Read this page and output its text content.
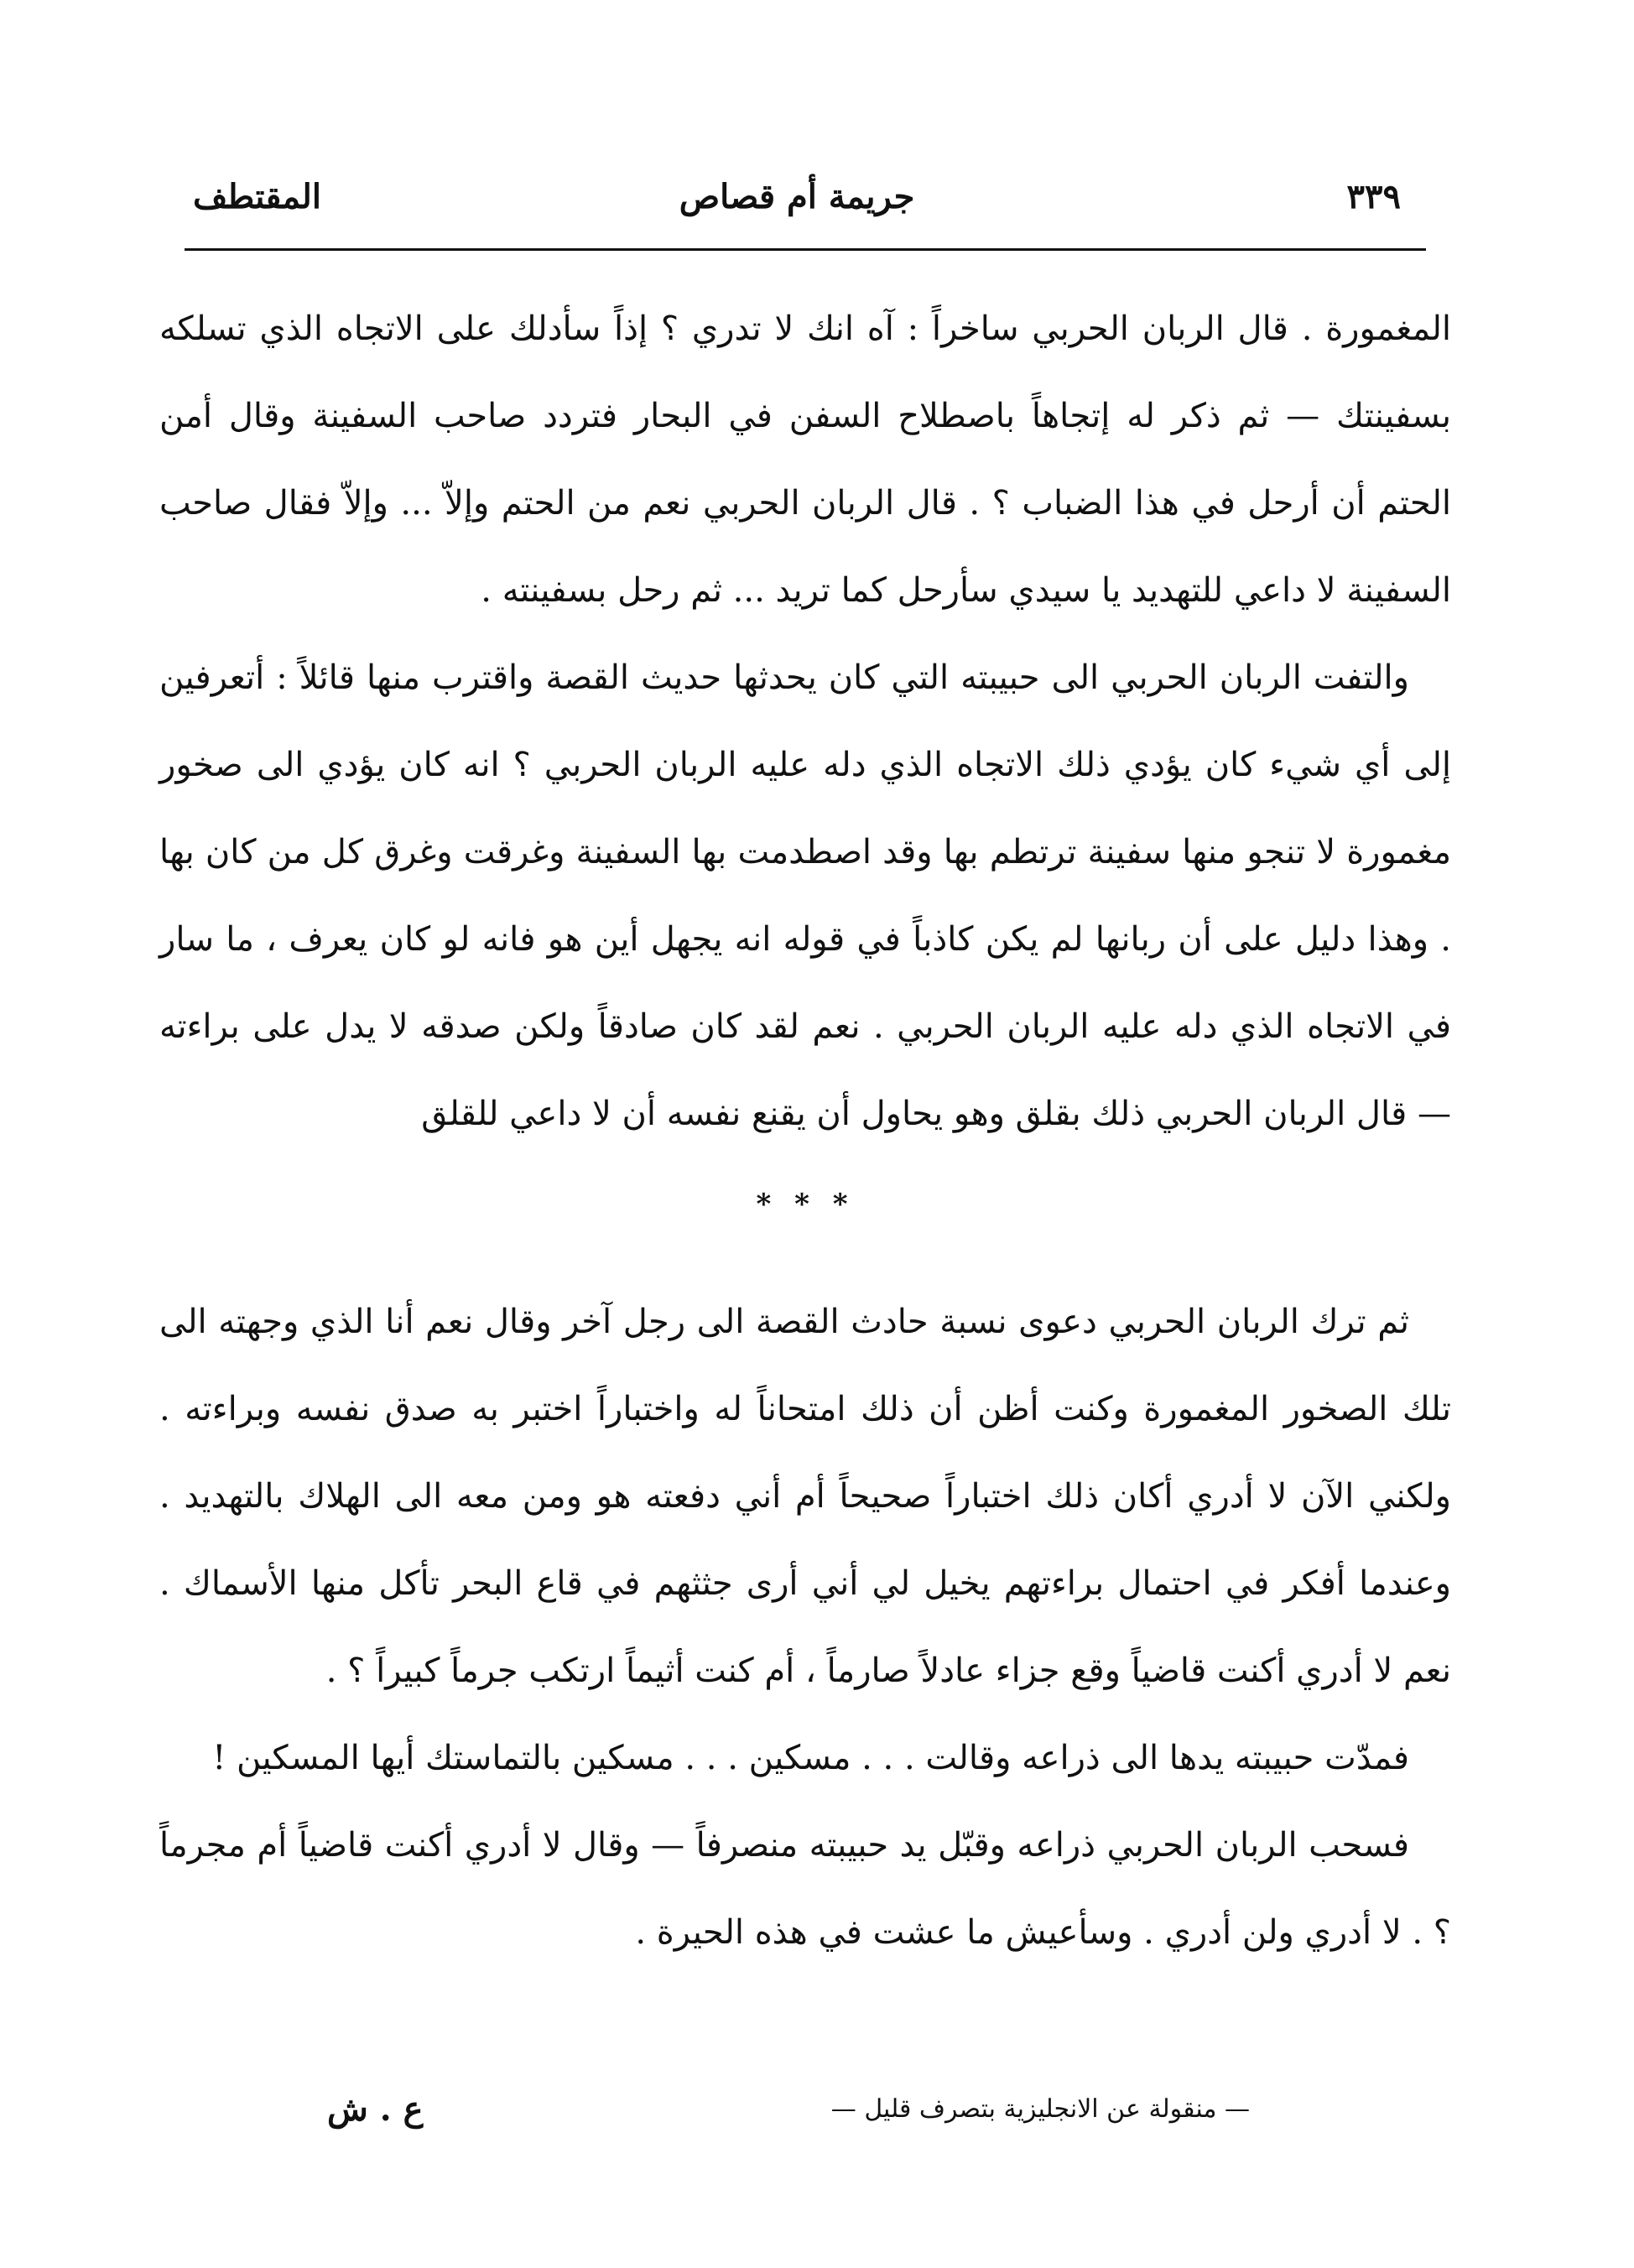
٣٣٩
جريمة أم قصاص
المقتطف

المغمورة . قال الربان الحربي ساخراً : آه انك لا تدري ؟ إذاً سأدلك على الاتجاه الذي تسلكه بسفينتك — ثم ذكر له إتجاهاً باصطلاح السفن في البحار فتردد صاحب السفينة وقال أمن الحتم أن أرحل في هذا الضباب ؟ . قال الربان الحربي نعم من الحتم وإلاّ ... وإلاّ فقال صاحب السفينة لا داعي للتهديد يا سيدي سأرحل كما تريد ... ثم رحل بسفينته .

والتفت الربان الحربي الى حبيبته التي كان يحدثها حديث القصة واقترب منها قائلاً : أتعرفين إلى أي شيء كان يؤدي ذلك الاتجاه الذي دله عليه الربان الحربي ؟ انه كان يؤدي الى صخور مغمورة لا تنجو منها سفينة ترتطم بها وقد اصطدمت بها السفينة وغرقت وغرق كل من كان بها . وهذا دليل على أن ربانها لم يكن كاذباً في قوله انه يجهل أين هو فانه لو كان يعرف ، ما سار في الاتجاه الذي دله عليه الربان الحربي . نعم لقد كان صادقاً ولكن صدقه لا يدل على براءته — قال الربان الحربي ذلك بقلق وهو يحاول أن يقنع نفسه أن لا داعي للقلق

* * *

ثم ترك الربان الحربي دعوى نسبة حادث القصة الى رجل آخر وقال نعم أنا الذي وجهته الى تلك الصخور المغمورة وكنت أظن أن ذلك امتحاناً له واختباراً اختبر به صدق نفسه وبراءته . ولكني الآن لا أدري أكان ذلك اختباراً صحيحاً أم أني دفعته هو ومن معه الى الهلاك بالتهديد . وعندما أفكر في احتمال براءتهم يخيل لي أني أرى جثثهم في قاع البحر تأكل منها الأسماك . نعم لا أدري أكنت قاضياً وقع جزاء عادلاً صارماً ، أم كنت أثيماً ارتكب جرماً كبيراً ؟ .

فمدّت حبيبته يدها الى ذراعه وقالت . . . مسكين . . . مسكين بالتماستك أيها المسكين !

فسحب الربان الحربي ذراعه وقبّل يد حبيبته منصرفاً — وقال لا أدري أكنت قاضياً أم مجرماً ؟ . لا أدري ولن أدري . وسأعيش ما عشت في هذه الحيرة .

— منقولة عن الانجليزية بتصرف قليل —
ع . ش
